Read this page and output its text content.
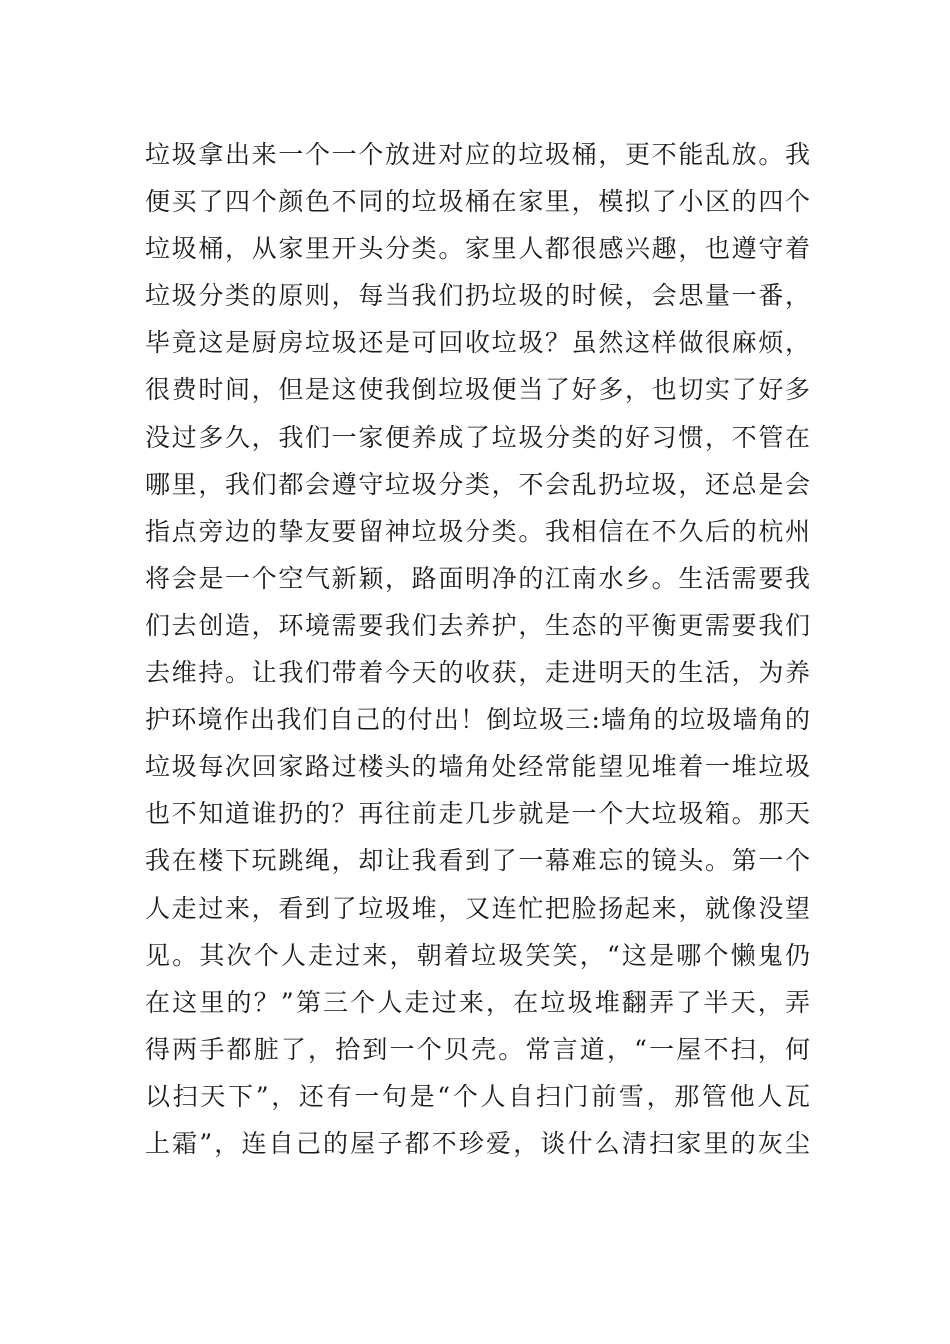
垃圾拿出来一个一个放进对应的垃圾桶，更不能乱放。我
便买了四个颜色不同的垃圾桶在家里，模拟了小区的四个
垃圾桶，从家里开头分类。家里人都很感兴趣，也遵守着
垃圾分类的原则，每当我们扔垃圾的时候，会思量一番，
毕竟这是厨房垃圾还是可回收垃圾？虽然这样做很麻烦，
很费时间，但是这使我倒垃圾便当了好多，也切实了好多
没过多久，我们一家便养成了垃圾分类的好习惯，不管在
哪里，我们都会遵守垃圾分类，不会乱扔垃圾，还总是会
指点旁边的挚友要留神垃圾分类。我相信在不久后的杭州
将会是一个空气新颖，路面明净的江南水乡。生活需要我
们去创造，环境需要我们去养护，生态的平衡更需要我们
去维持。让我们带着今天的收获，走进明天的生活，为养
护环境作出我们自己的付出！倒垃圾三:墙角的垃圾墙角的
垃圾每次回家路过楼头的墙角处经常能望见堆着一堆垃圾
也不知道谁扔的？再往前走几步就是一个大垃圾箱。那天
我在楼下玩跳绳，却让我看到了一幕难忘的镜头。第一个
人走过来，看到了垃圾堆，又连忙把脸扬起来，就像没望
见。其次个人走过来，朝着垃圾笑笑，“这是哪个懒鬼仍
在这里的？”第三个人走过来，在垃圾堆翻弄了半天，弄
得两手都脏了，拾到一个贝壳。常言道，“一屋不扫，何
以扫天下”，还有一句是“个人自扫门前雪，那管他人瓦
上霜”，连自己的屋子都不珍爱，谈什么清扫家里的灰尘
